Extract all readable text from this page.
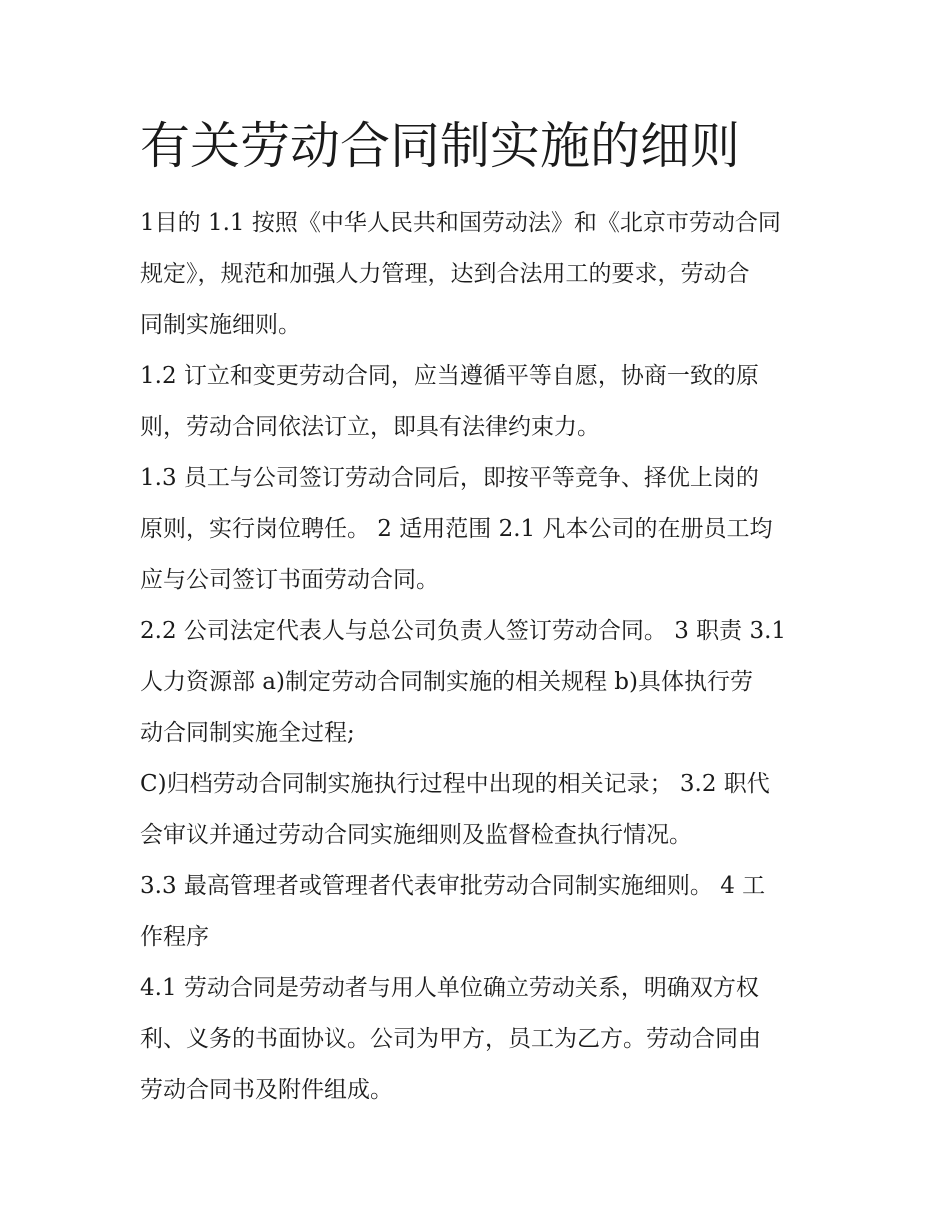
有关劳动合同制实施的细则

1目的 1.1 按照《中华人民共和国劳动法》和《北京市劳动合同
规定》，规范和加强人力管理，达到合法用工的要求，劳动合
同制实施细则。

1.2 订立和变更劳动合同，应当遵循平等自愿，协商一致的原
则，劳动合同依法订立，即具有法律约束力。

1.3 员工与公司签订劳动合同后，即按平等竞争、择优上岗的
原则，实行岗位聘任。 2 适用范围 2.1 凡本公司的在册员工均
应与公司签订书面劳动合同。

2.2 公司法定代表人与总公司负责人签订劳动合同。 3 职责 3.1
人力资源部 a)制定劳动合同制实施的相关规程 b)具体执行劳
动合同制实施全过程;

C)归档劳动合同制实施执行过程中出现的相关记录； 3.2 职代
会审议并通过劳动合同实施细则及监督检查执行情况。

3.3 最高管理者或管理者代表审批劳动合同制实施细则。 4 工
作程序

4.1 劳动合同是劳动者与用人单位确立劳动关系，明确双方权
利、义务的书面协议。公司为甲方，员工为乙方。劳动合同由
劳动合同书及附件组成。
